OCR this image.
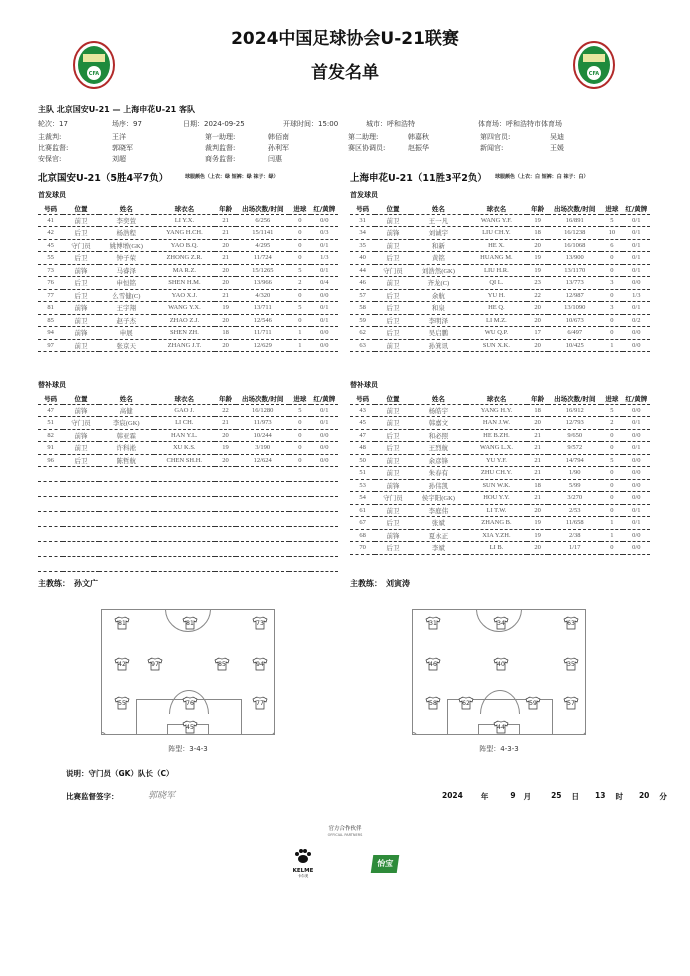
CFA	CFA
2024中国足球协会U-21联赛
首发名单
主队 北京国安U-21 — 上海申花U-21 客队
轮次：17	场序：97	日期：2024-09-25	开球时间：15:00	城市：呼和浩特	体育场：呼和浩特市体育场
主裁判:	王洋	第一助理:	韩佰南	第二助理:	韩嘉秋	第四官员:	吴迪
比赛监督:	郭晓军	裁判监督:	孙利军	赛区协调员:	赵振华	新闻官:	王媛
安保官:	刘超	商务监督:	闫惠
北京国安U-21（5胜4平7负）	球服颜色（上衣：绿 短裤：绿 袜子：绿）
首发球员
号码	位置	姓名	球衣名	年龄	出场次数/时间	进球	红/黄牌
41	前卫	李奕萱	LI Y.X.	21	6/256	0	0/0
42	后卫	杨浩程	YANG H.CH.	21	15/1141	0	0/3
45	守门员	姚博增(GK)	YAO B.Q.	20	4/295	0	0/1
55	后卫	钟子荣	ZHONG Z.R.	21	11/724	0	1/3
73	前锋	马睿泽	MA R.Z.	20	15/1265	5	0/1
76	后卫	申恒铭	SHEN H.M.	20	13/966	2	0/4
77	后卫	么雪健(C)	YAO X.J.	21	4/320	0	0/0
81	前锋	王宇翔	WANG Y.X.	19	13/711	5	0/1
85	前卫	赵子杰	ZHAO Z.J.	20	12/546	0	0/1
94	前锋	申展	SHEN ZH.	18	11/711	1	0/0
97	前卫	张京天	ZHANG J.T.	20	12/629	1	0/0
替补球员
号码	位置	姓名	球衣名	年龄	出场次数/时间	进球	红/黄牌
47	前锋	高健	GAO J.	22	16/1280	5	0/1
51	守门员	李宸(GK)	LI CH.	21	11/973	0	0/1
82	前锋	韩亚霖	HAN Y.L.	20	10/244	0	0/0
91	前卫	许科淞	XU K.S.	19	3/190	0	0/0
96	后卫	陈哲航	CHEN SH.H.	20	12/624	0	0/0

主教练： 孙文广
上海申花U-21（11胜3平2负） 球服颜色（上衣：白 短裤：白 袜子：白）
首发球员
号码	位置	姓名	球衣名	年龄	出场次数/时间	进球	红/黄牌
31	前卫	王一凡	WANG Y.F.	19	16/891	5	0/1
34	前锋	刘诚宇	LIU CH.Y.	18	16/1238	10	0/1
35	前卫	和新	HE X.	20	16/1068	6	0/1
40	后卫	黄铭	HUANG M.	19	13/900	0	0/1
44	守门员	刘浩然(GK)	LIU H.R.	19	13/1170	0	0/1
46	前卫	齐龙(C)	QI L.	23	13/773	3	0/0
57	后卫	余航	YU H.	22	12/987	0	1/3
58	后卫	和泉	HE Q.	20	13/1090	3	0/1
59	后卫	李明泽	LI M.Z.	20	10/673	0	0/2
62	后卫	吴启鹏	WU Q.P.	17	6/497	0	0/0
63	前卫	孙箕讯	SUN X.K.	20	10/425	1	0/0
替补球员
号码	位置	姓名	球衣名	年龄	出场次数/时间	进球	红/黄牌
43	前卫	杨皓宇	YANG H.Y.	18	16/912	5	0/0
45	前卫	韩嘉文	HAN J.W.	20	12/793	2	0/1
47	后卫	和必照	HE B.ZH.	21	9/650	0	0/0
48	后卫	王烈航	WANG L.X.	21	9/572	0	0/1
50	前卫	余彦锋	YU Y.F.	21	14/794	5	0/0
51	前卫	朱春有	ZHU CH.Y.	21	1/90	0	0/0
53	前锋	孙伟凯	SUN W.K.	18	5/99	0	0/0
54	守门员	侯宇阳(GK)	HOU Y.Y.	21	3/270	0	0/0
61	前卫	李庭伟	LI T.W.	20	2/53	0	0/1
67	后卫	张斌	ZHANG B.	19	11/658	1	0/1
68	前锋	夏永正	XIA Y.ZH.	19	2/38	1	0/0
70	后卫	李斌	LI B.	20	1/17	0	0/0
主教练： 刘寅涛
81	81	73
42	97	85	94
55	76	77
45
阵型：3-4-3
31	34	63
46	40	35
58	62	59	57
44
阵型：4-3-3
说明：守门员（GK）队长（C）
比赛监督签字：	郭晓军	2024 年	9 月	25 日 13 时 20 分
官方合作伙伴
OFFICIAL PARTNERS
KELME
卡尔美
怡宝
